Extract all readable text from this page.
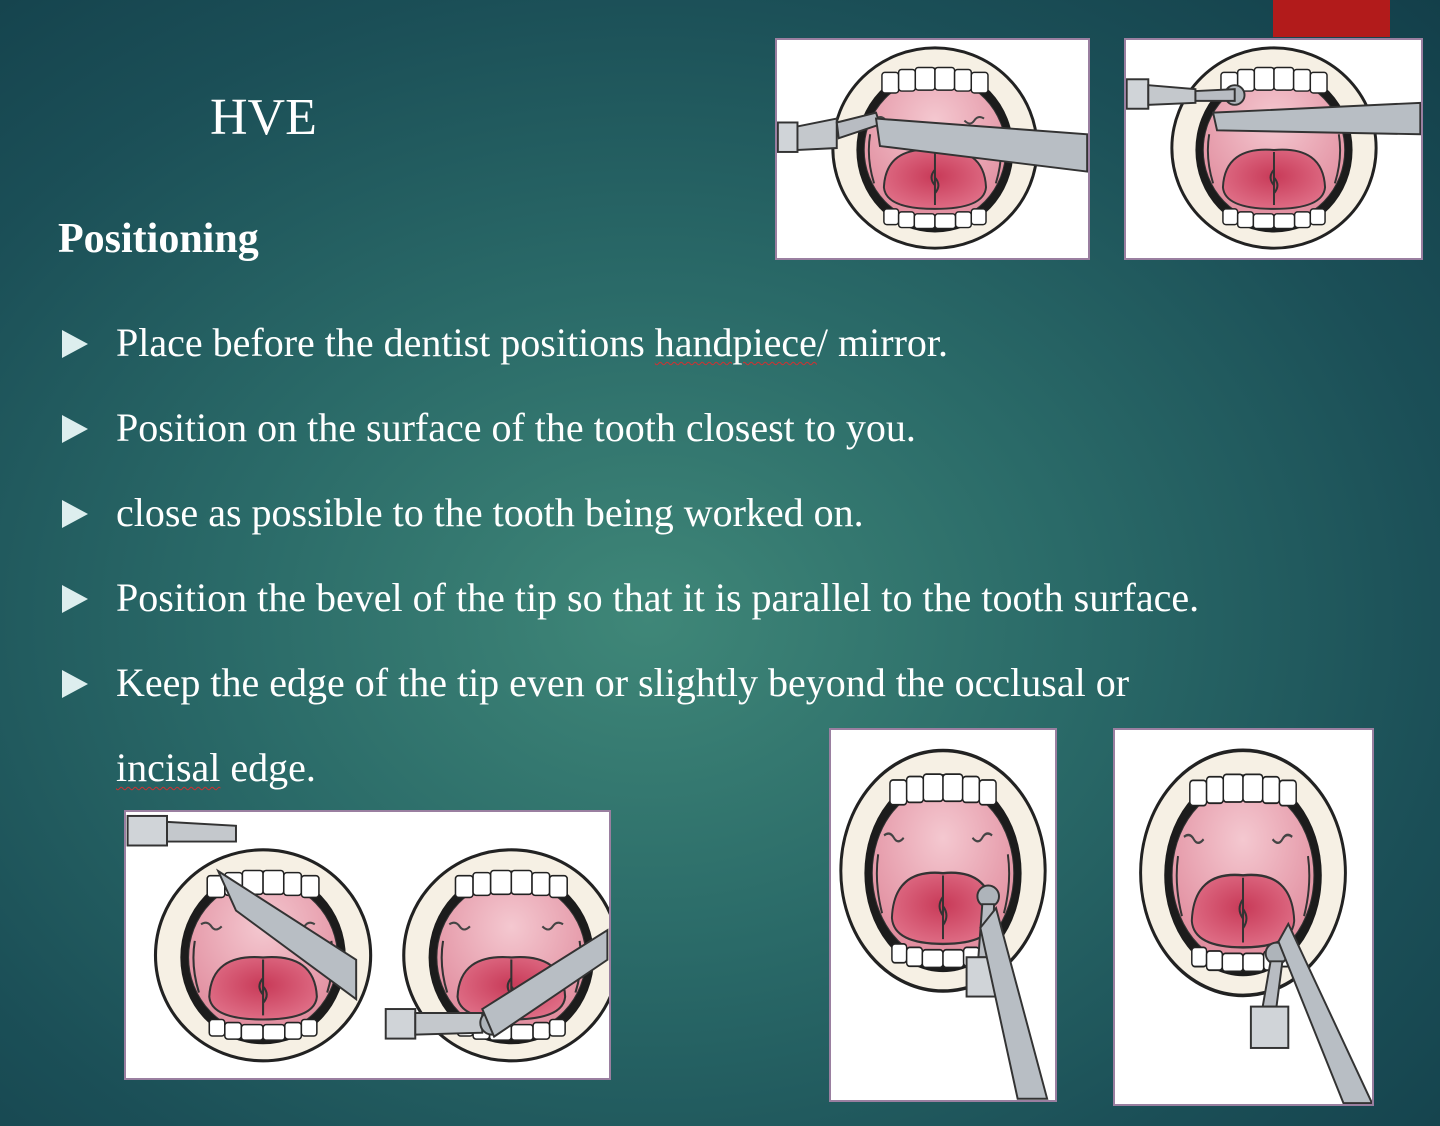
HVE
Positioning
Place before the dentist positions handpiece/ mirror.
Position on the surface of the tooth closest to you.
close as possible to the tooth being worked on.
Position the bevel of the tip so that it is parallel to the tooth surface.
Keep the edge of the tip even or slightly beyond the occlusal or
incisal edge.
